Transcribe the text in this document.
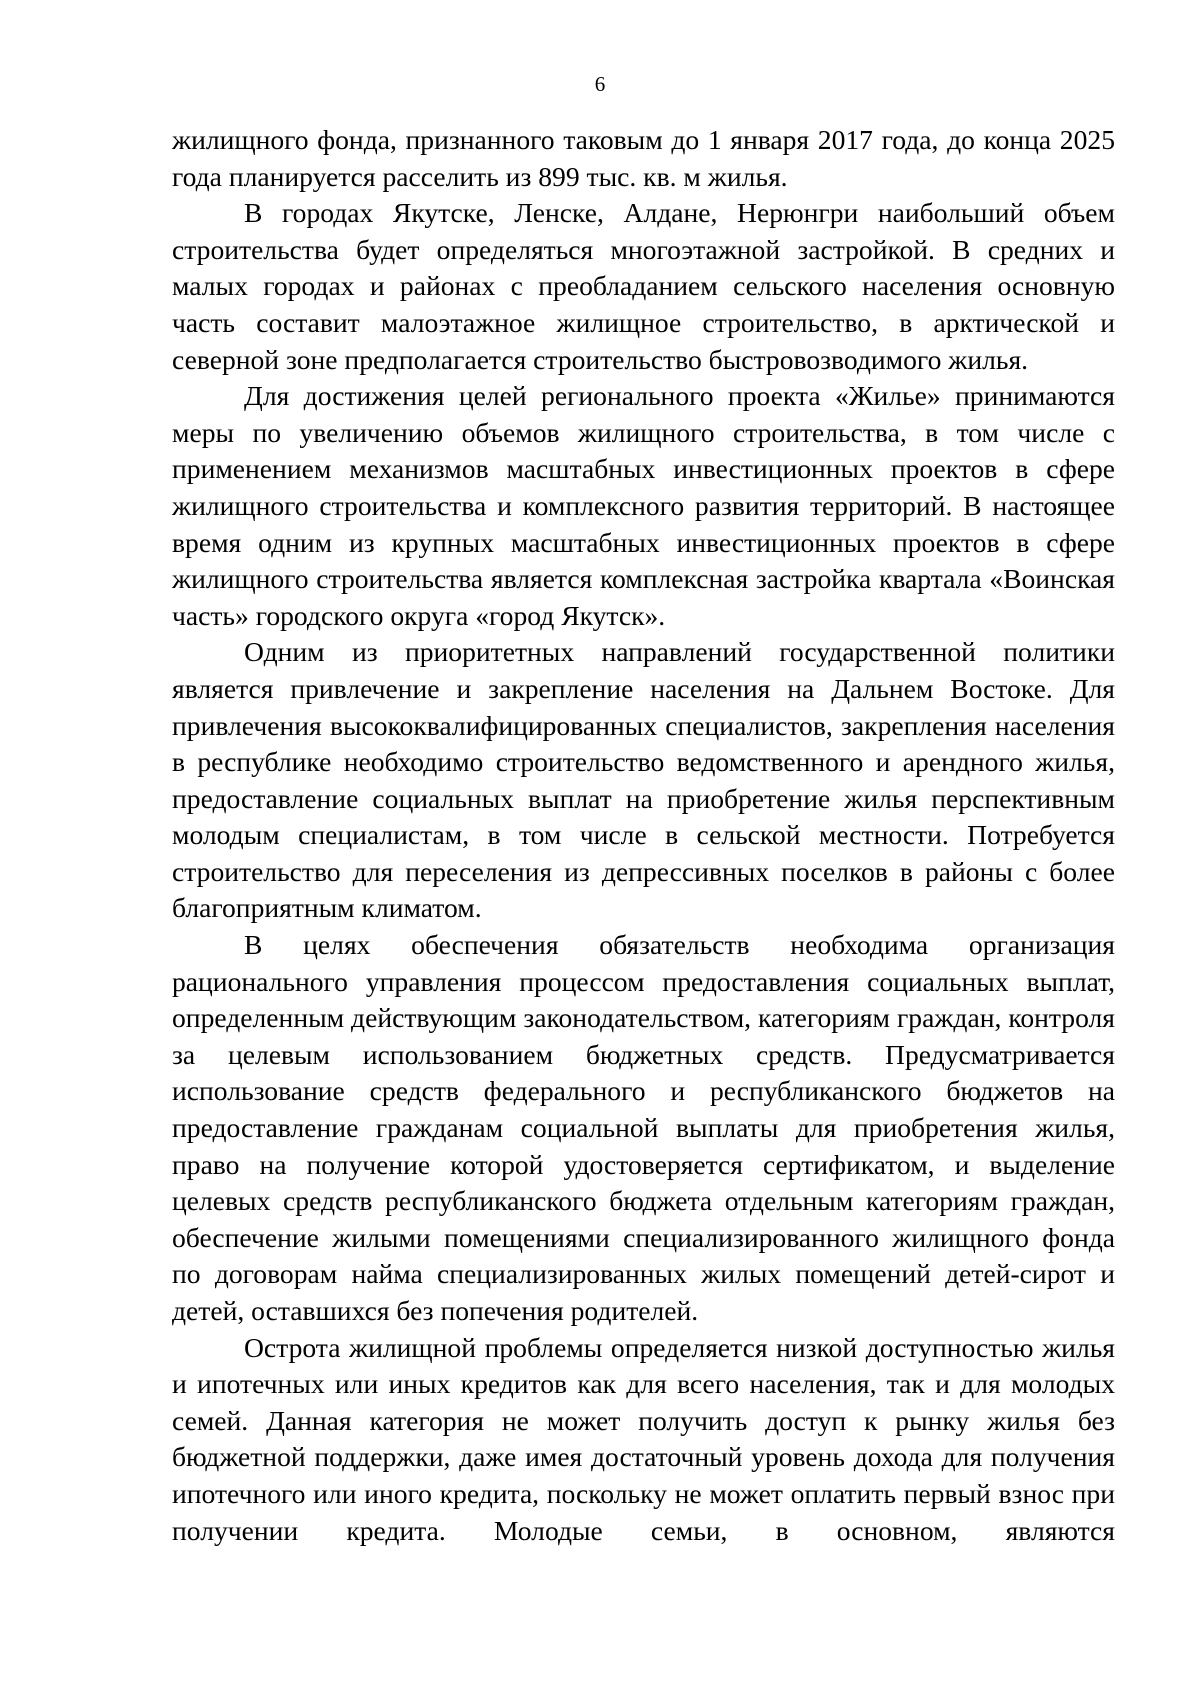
6

жилищного фонда, признанного таковым до 1 января 2017 года, до конца 2025 года планируется расселить из 899 тыс. кв. м жилья.

В городах Якутске, Ленске, Алдане, Нерюнгри наибольший объем строительства будет определяться многоэтажной застройкой. В средних и малых городах и районах с преобладанием сельского населения основную часть составит малоэтажное жилищное строительство, в арктической и северной зоне предполагается строительство быстровозводимого жилья.

Для достижения целей регионального проекта «Жилье» принимаются меры по увеличению объемов жилищного строительства, в том числе с применением механизмов масштабных инвестиционных проектов в сфере жилищного строительства и комплексного развития территорий. В настоящее время одним из крупных масштабных инвестиционных проектов в сфере жилищного строительства является комплексная застройка квартала «Воинская часть» городского округа «город Якутск».

Одним из приоритетных направлений государственной политики является привлечение и закрепление населения на Дальнем Востоке. Для привлечения высококвалифицированных специалистов, закрепления населения в республике необходимо строительство ведомственного и арендного жилья, предоставление социальных выплат на приобретение жилья перспективным молодым специалистам, в том числе в сельской местности. Потребуется строительство для переселения из депрессивных поселков в районы с более благоприятным климатом.

В целях обеспечения обязательств необходима организация рационального управления процессом предоставления социальных выплат, определенным действующим законодательством, категориям граждан, контроля за целевым использованием бюджетных средств. Предусматривается использование средств федерального и республиканского бюджетов на предоставление гражданам социальной выплаты для приобретения жилья, право на получение которой удостоверяется сертификатом, и выделение целевых средств республиканского бюджета отдельным категориям граждан, обеспечение жилыми помещениями специализированного жилищного фонда по договорам найма специализированных жилых помещений детей-сирот и детей, оставшихся без попечения родителей.

Острота жилищной проблемы определяется низкой доступностью жилья и ипотечных или иных кредитов как для всего населения, так и для молодых семей. Данная категория не может получить доступ к рынку жилья без бюджетной поддержки, даже имея достаточный уровень дохода для получения ипотечного или иного кредита, поскольку не может оплатить первый взнос при получении кредита. Молодые семьи, в основном, являются
